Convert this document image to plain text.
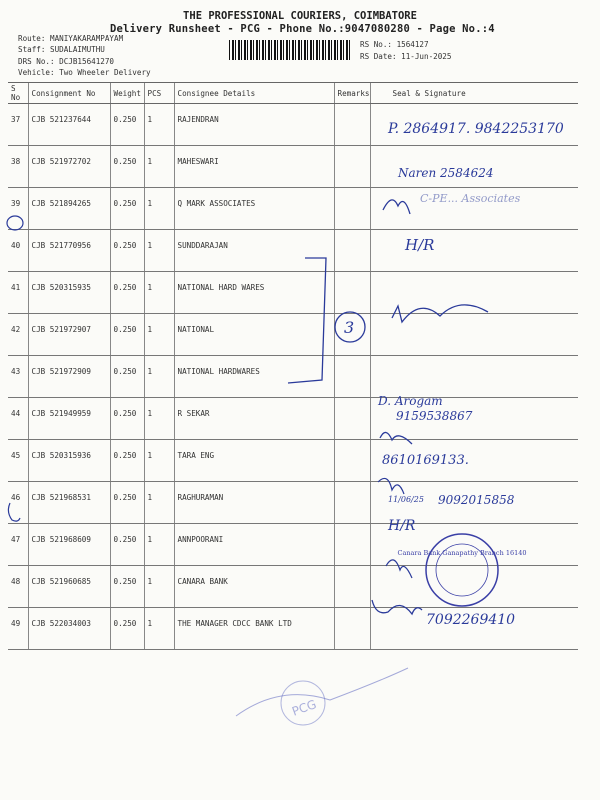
THE PROFESSIONAL COURIERS, COIMBATORE
Delivery Runsheet - PCG - Phone No.:9047080280 - Page No.:4
Route: MANIYAKARAMPAYAM
Staff: SUDALAIMUTHU
DRS No.: DCJB15641270
Vehicle: Two Wheeler Delivery
RS No.: 1564127
RS Date: 11-Jun-2025
S No	Consignment No	Weight	PCS	Consignee Details	Remarks	Seal & Signature
37	CJB 521237644	0.250	1	RAJENDRAN		
38	CJB 521972702	0.250	1	MAHESWARI		
39	CJB 521894265	0.250	1	Q MARK ASSOCIATES		
40	CJB 521770956	0.250	1	SUNDDARAJAN		
41	CJB 520315935	0.250	1	NATIONAL HARD WARES		
42	CJB 521972907	0.250	1	NATIONAL		
43	CJB 521972909	0.250	1	NATIONAL HARDWARES		
44	CJB 521949959	0.250	1	R SEKAR		
45	CJB 520315936	0.250	1	TARA ENG		
46	CJB 521968531	0.250	1	RAGHURAMAN		
47	CJB 521968609	0.250	1	ANNPOORANI		
48	CJB 521960685	0.250	1	CANARA BANK		
49	CJB 522034003	0.250	1	THE MANAGER CDCC BANK LTD		
3
P. 2864917. 9842253170
Naren 2584624
C-PE... Associates
H/R
D. Arogam
9159538867
8610169133.
11/06/25 9092015858
H/R
7092269410
Canara Bank Ganapathy Branch 16140
PCG
